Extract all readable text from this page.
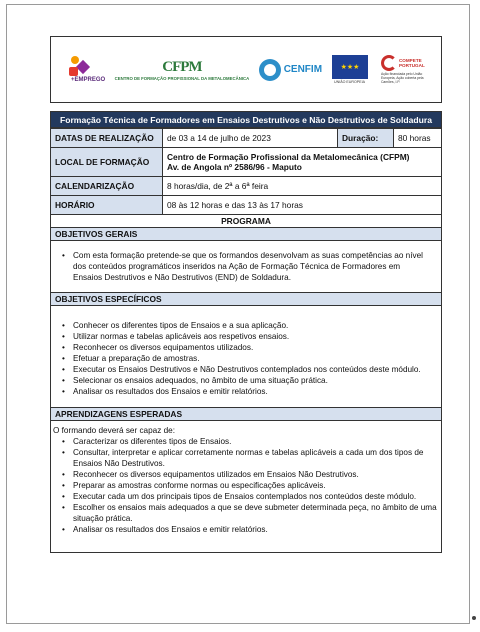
+EMPREGO
CFPM
CENTRO DE FORMAÇÃO PROFISSIONAL DA METALOMECÂNICA
CENFIM	★ ★ ★
UNIÃO EUROPEIA
COMPETE PORTUGAL
Ação financiada pelo União Europeia, Ação coberta pela Camões, I.P.
Formação Técnica de Formadores em Ensaios Destrutivos e Não Destrutivos de Soldadura
DATAS DE REALIZAÇÃO	de 03 a 14 de julho de 2023	Duração:	80 horas
LOCAL DE FORMAÇÃO	Centro de Formação Profissional da Metalomecânica (CFPM)
Av. de Angola nº 2586/96 - Maputo		

CALENDARIZAÇÃO	8 horas/dia, de 2ª a 6ª feira		
HORÁRIO	08 às 12 horas e das 13 às 17 horas		
PROGRAMA
OBJETIVOS GERAIS
• Com esta formação pretende-se que os formandos desenvolvam as suas competências ao nível dos conteúdos programáticos inseridos na Ação de Formação Técnica de Formadores em Ensaios Destrutivos e Não Destrutivos (END) de Soldadura.
OBJETIVOS ESPECÍFICOS
• Conhecer os diferentes tipos de Ensaios e a sua aplicação.
• Utilizar normas e tabelas aplicáveis aos respetivos ensaios.
• Reconhecer os diversos equipamentos utilizados.
• Efetuar a preparação de amostras.
• Executar os Ensaios Destrutivos e Não Destrutivos contemplados nos conteúdos deste módulo.
• Selecionar os ensaios adequados, no âmbito de uma situação prática.
• Analisar os resultados dos Ensaios e emitir relatórios.
APRENDIZAGENS ESPERADAS
O formando deverá ser capaz de:
• Caracterizar os diferentes tipos de Ensaios.
• Consultar, interpretar e aplicar corretamente normas e tabelas aplicáveis a cada um dos tipos de Ensaios Não Destrutivos.
• Reconhecer os diversos equipamentos utilizados em Ensaios Não Destrutivos.
• Preparar as amostras conforme normas ou especificações aplicáveis.
• Executar cada um dos principais tipos de Ensaios contemplados nos conteúdos deste módulo.
• Escolher os ensaios mais adequados a que se deve submeter determinada peça, no âmbito de uma situação prática.
• Analisar os resultados dos Ensaios e emitir relatórios.
